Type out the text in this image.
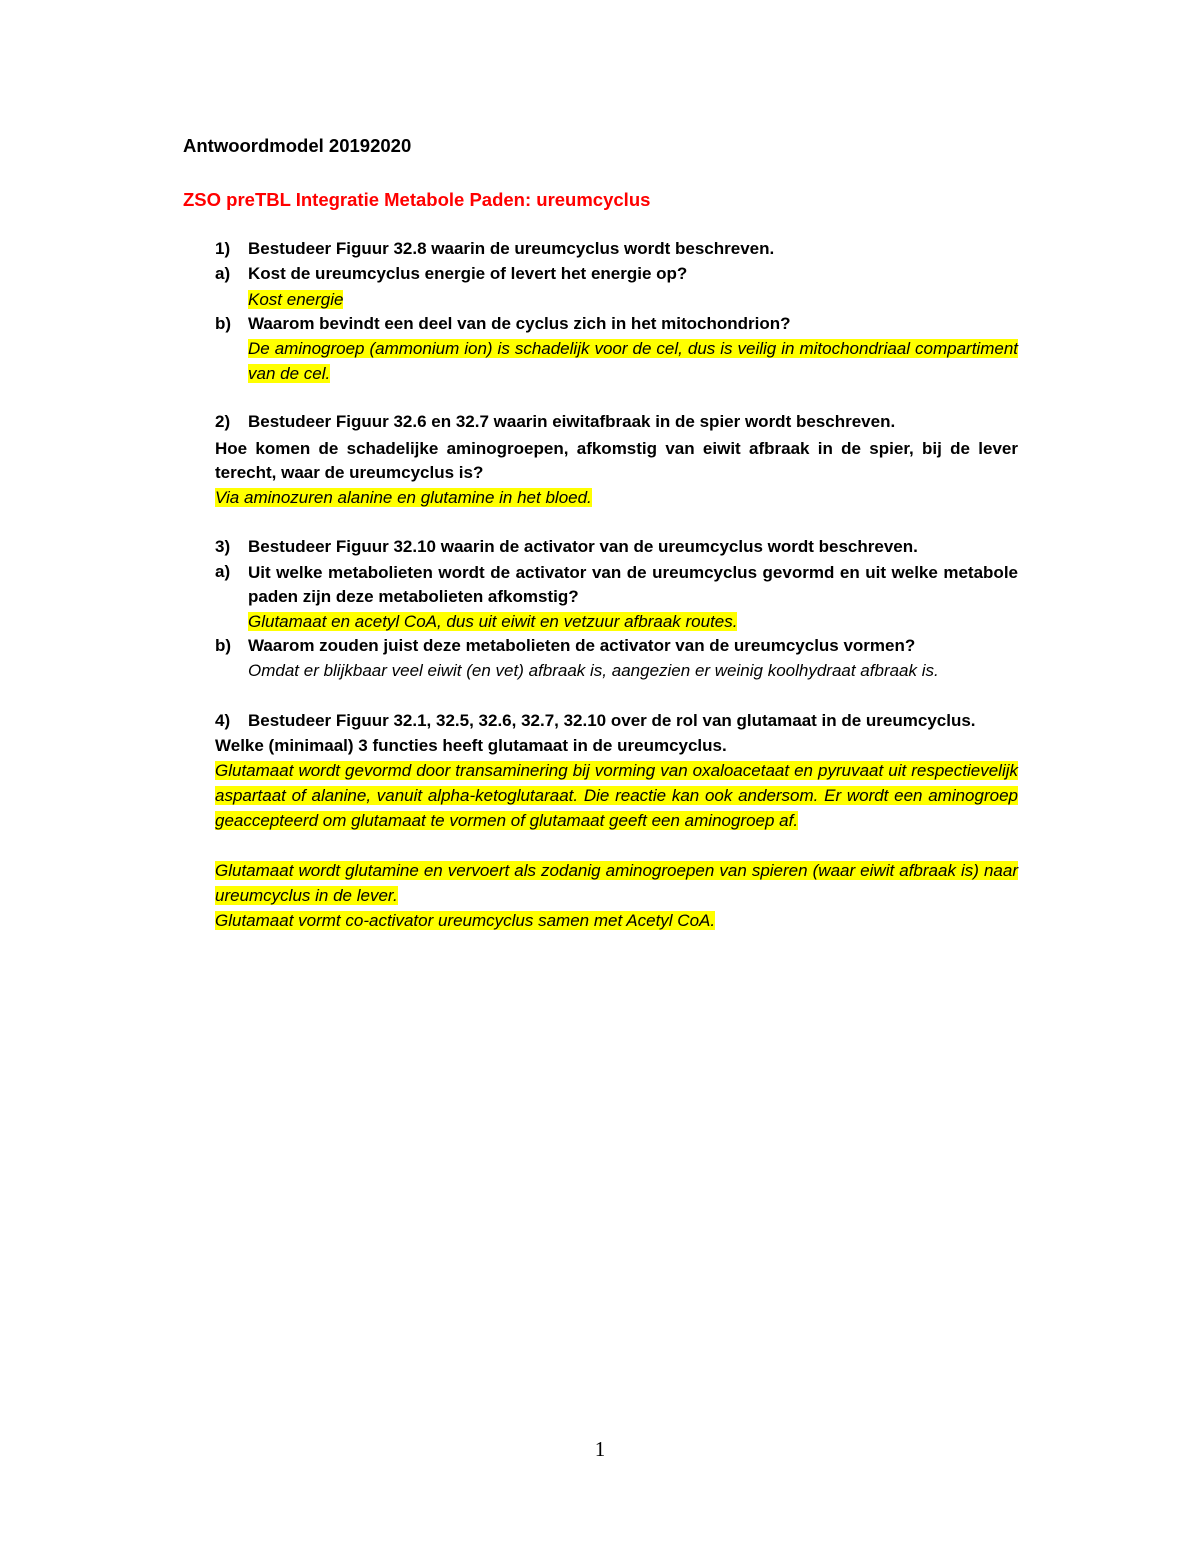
Antwoordmodel 20192020
ZSO preTBL Integratie Metabole Paden: ureumcyclus
1) Bestudeer Figuur 32.8 waarin de ureumcyclus wordt beschreven.
a) Kost de ureumcyclus energie of levert het energie op?
Kost energie
b) Waarom bevindt een deel van de cyclus zich in het mitochondrion?
De aminogroep (ammonium ion) is schadelijk voor de cel, dus is veilig in mitochondriaal compartiment van de cel.
2) Bestudeer Figuur 32.6 en 32.7 waarin eiwitafbraak in de spier wordt beschreven.
Hoe komen de schadelijke aminogroepen, afkomstig van eiwit afbraak in de spier, bij de lever terecht, waar de ureumcyclus is?
Via aminozuren alanine en glutamine in het bloed.
3) Bestudeer Figuur 32.10 waarin de activator van de ureumcyclus wordt beschreven.
a) Uit welke metabolieten wordt de activator van de ureumcyclus gevormd en uit welke metabole paden zijn deze metabolieten afkomstig?
Glutamaat en acetyl CoA, dus uit eiwit en vetzuur afbraak routes.
b) Waarom zouden juist deze metabolieten de activator van de ureumcyclus vormen?
Omdat er blijkbaar veel eiwit (en vet) afbraak is, aangezien er weinig koolhydraat afbraak is.
4) Bestudeer Figuur 32.1, 32.5, 32.6, 32.7, 32.10 over de rol van glutamaat in de ureumcyclus.
Welke (minimaal) 3 functies heeft glutamaat in de ureumcyclus.
Glutamaat wordt gevormd door transaminering bij vorming van oxaloacetaat en pyruvaat uit respectievelijk aspartaat of alanine, vanuit alpha-ketoglutaraat. Die reactie kan ook andersom. Er wordt een aminogroep geaccepteerd om glutamaat te vormen of glutamaat geeft een aminogroep af.
Glutamaat wordt glutamine en vervoert als zodanig aminogroepen van spieren (waar eiwit afbraak is) naar ureumcyclus in de lever.
Glutamaat vormt co-activator ureumcyclus samen met Acetyl CoA.
1
